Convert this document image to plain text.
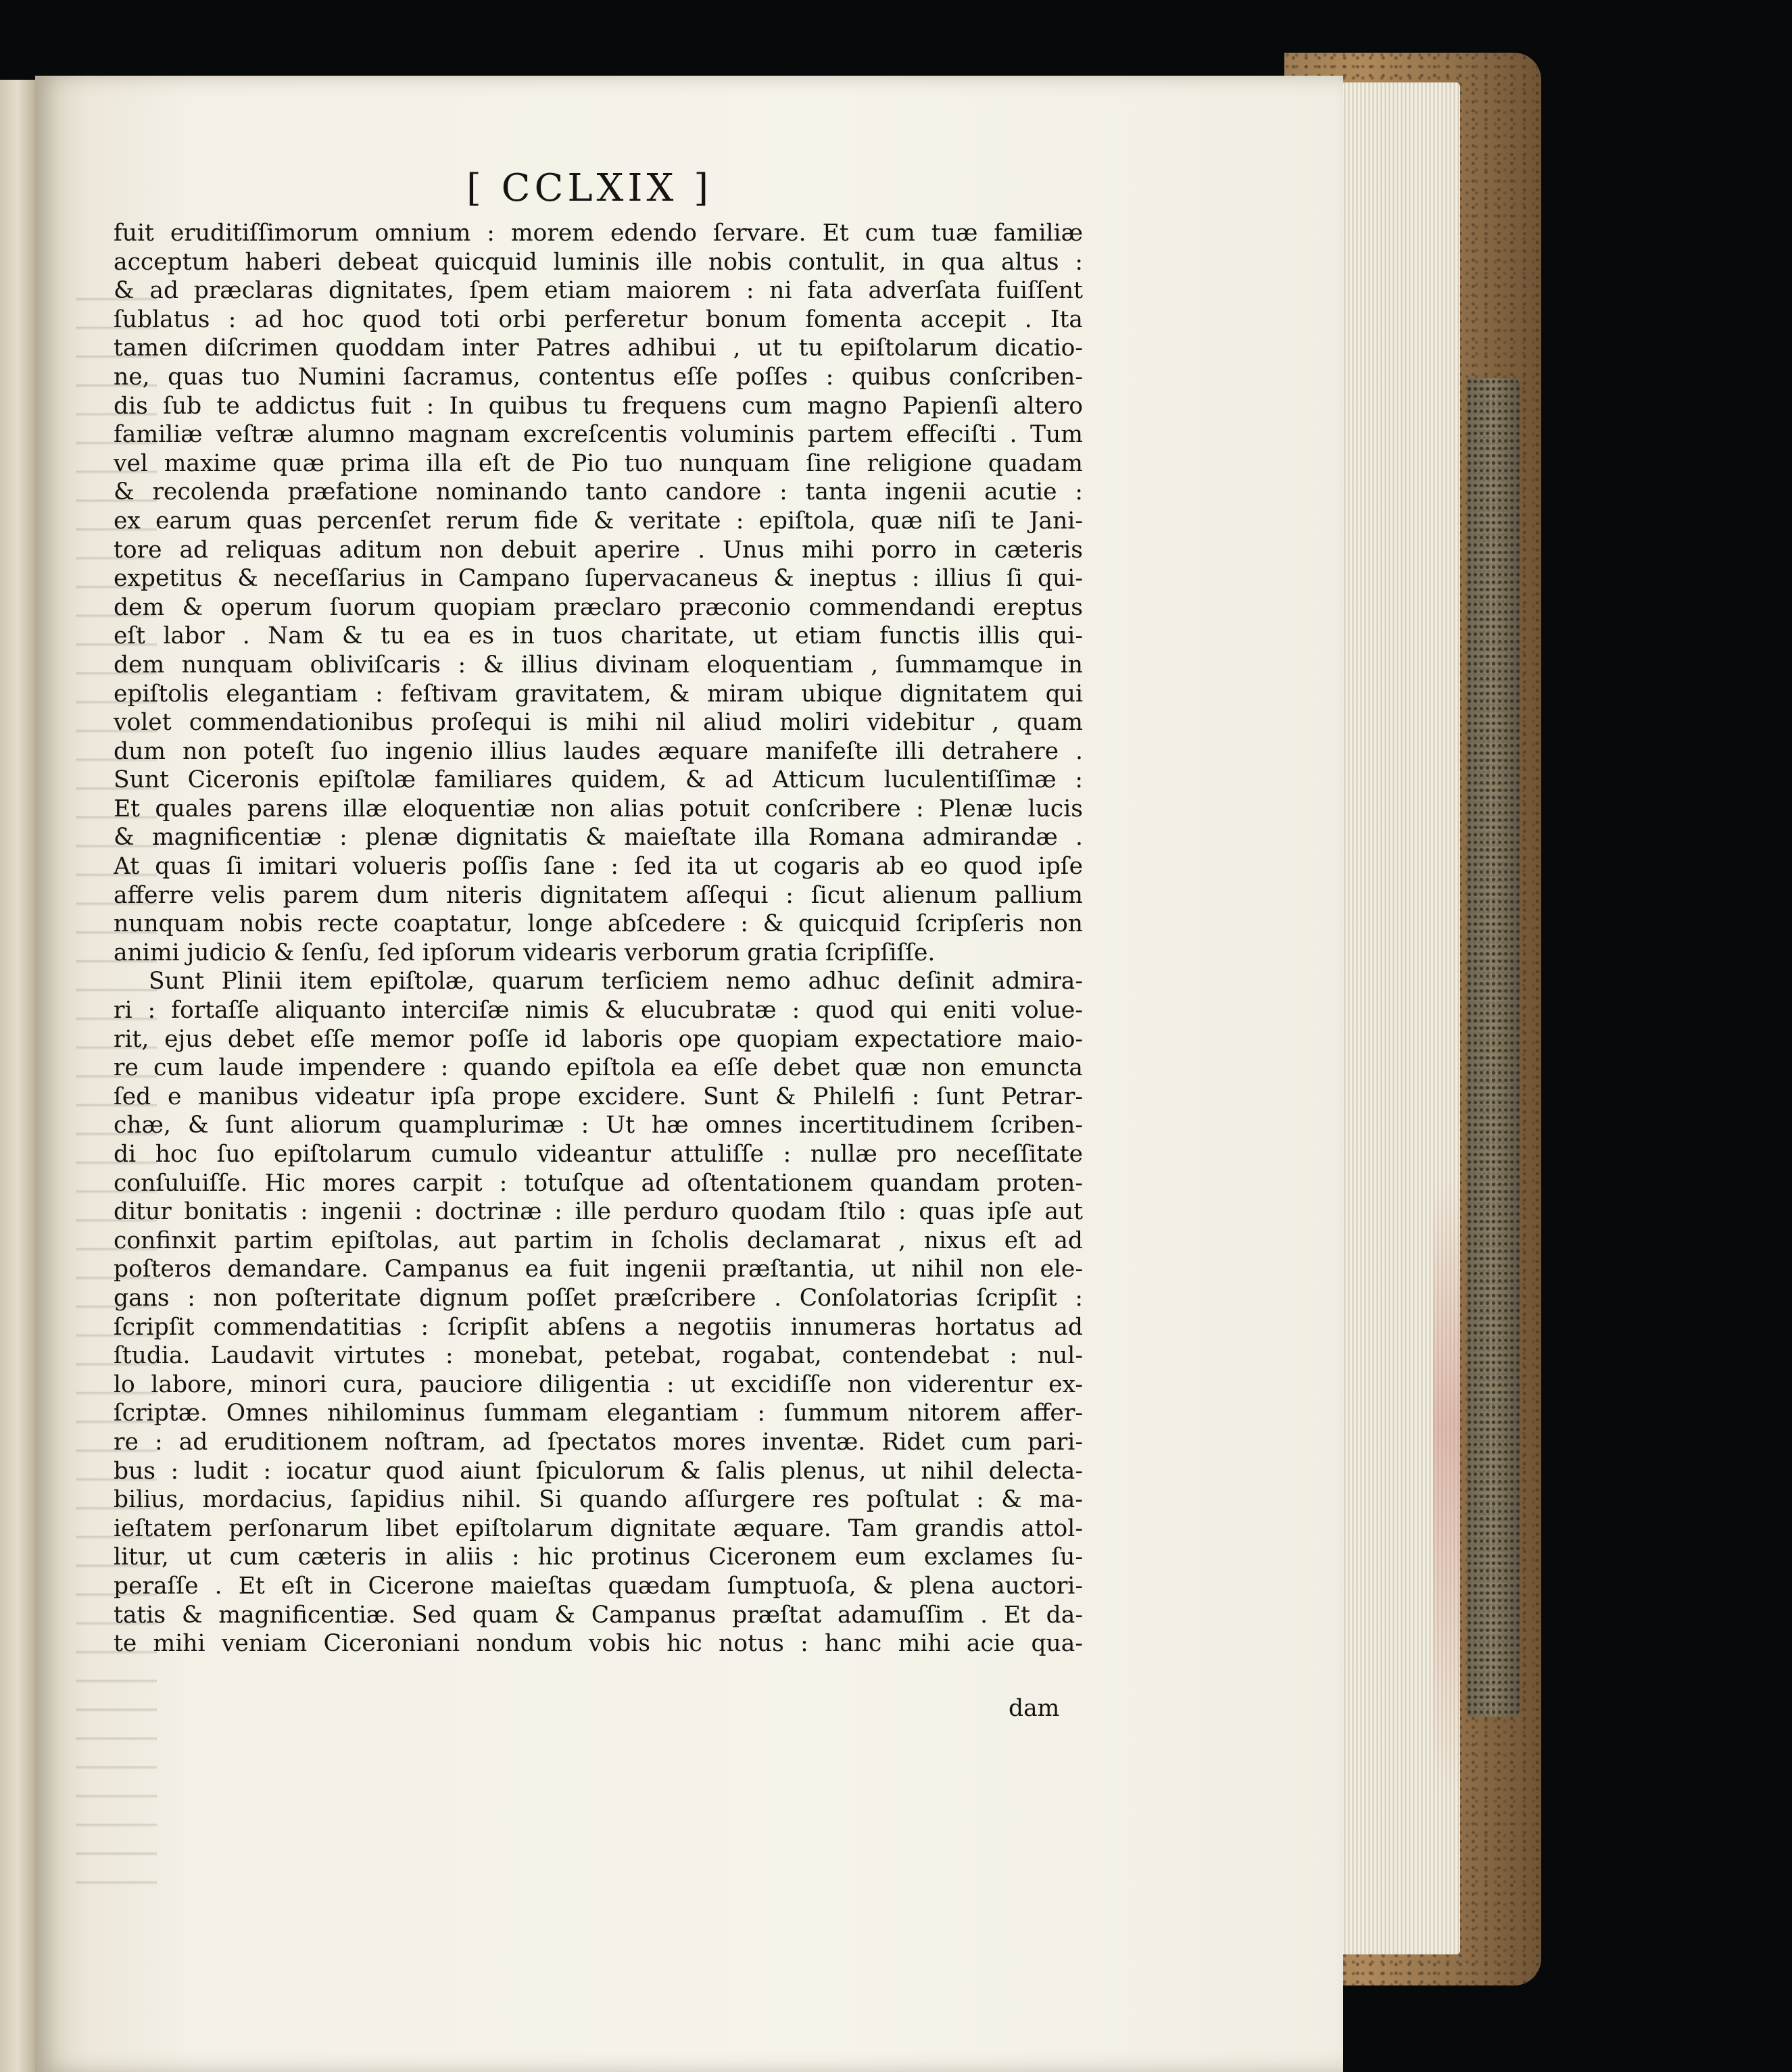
[ CCLXIX ]
fuit eruditiſſimorum omnium : morem edendo ſervare. Et cum tuæ familiæ
acceptum haberi debeat quicquid luminis ille nobis contulit, in qua altus :
& ad præclaras dignitates, ſpem etiam maiorem : ni fata adverſata fuiſſent
ſublatus : ad hoc quod toti orbi perferetur bonum fomenta accepit . Ita
tamen diſcrimen quoddam inter Patres adhibui , ut tu epiſtolarum dicatio-
ne, quas tuo Numini ſacramus, contentus eſſe poſſes : quibus conſcriben-
dis ſub te addictus fuit : In quibus tu frequens cum magno Papienſi altero
familiæ veſtræ alumno magnam excreſcentis voluminis partem effeciſti . Tum
vel maxime quæ prima illa eſt de Pio tuo nunquam ſine religione quadam
& recolenda præfatione nominando tanto candore : tanta ingenii acutie :
ex earum quas percenſet rerum fide & veritate : epiſtola, quæ niſi te Jani-
tore ad reliquas aditum non debuit aperire . Unus mihi porro in cæteris
expetitus & neceſſarius in Campano ſupervacaneus & ineptus : illius ſi qui-
dem & operum ſuorum quopiam præclaro præconio commendandi ereptus
eſt labor . Nam & tu ea es in tuos charitate, ut etiam functis illis qui-
dem nunquam obliviſcaris : & illius divinam eloquentiam , ſummamque in
epiſtolis elegantiam : feſtivam gravitatem, & miram ubique dignitatem qui
volet commendationibus proſequi is mihi nil aliud moliri videbitur , quam
dum non poteſt ſuo ingenio illius laudes æquare manifeſte illi detrahere .
Sunt Ciceronis epiſtolæ familiares quidem, & ad Atticum luculentiſſimæ :
Et quales parens illæ eloquentiæ non alias potuit conſcribere : Plenæ lucis
& magnificentiæ : plenæ dignitatis & maieſtate illa Romana admirandæ .
At quas ſi imitari volueris poſſis ſane : ſed ita ut cogaris ab eo quod ipſe
afferre velis parem dum niteris dignitatem aſſequi : ſicut alienum pallium
nunquam nobis recte coaptatur, longe abſcedere : & quicquid ſcripſeris non
animi judicio & ſenſu, ſed ipſorum videaris verborum gratia ſcripſiſſe.
Sunt Plinii item epiſtolæ, quarum terſiciem nemo adhuc deſinit admira-
ri : fortaſſe aliquanto interciſæ nimis & elucubratæ : quod qui eniti volue-
rit, ejus debet eſſe memor poſſe id laboris ope quopiam expectatiore maio-
re cum laude impendere : quando epiſtola ea eſſe debet quæ non emuncta
ſed e manibus videatur ipſa prope excidere. Sunt & Philelfi : ſunt Petrar-
chæ, & ſunt aliorum quamplurimæ : Ut hæ omnes incertitudinem ſcriben-
di hoc ſuo epiſtolarum cumulo videantur attuliſſe : nullæ pro neceſſitate
conſuluiſſe. Hic mores carpit : totuſque ad oſtentationem quandam proten-
ditur bonitatis : ingenii : doctrinæ : ille perduro quodam ſtilo : quas ipſe aut
confinxit partim epiſtolas, aut partim in ſcholis declamarat , nixus eſt ad
poſteros demandare. Campanus ea fuit ingenii præſtantia, ut nihil non ele-
gans : non poſteritate dignum poſſet præſcribere . Conſolatorias ſcripſit :
ſcripſit commendatitias : ſcripſit abſens a negotiis innumeras hortatus ad
ſtudia. Laudavit virtutes : monebat, petebat, rogabat, contendebat : nul-
lo labore, minori cura, pauciore diligentia : ut excidiſſe non viderentur ex-
ſcriptæ. Omnes nihilominus ſummam elegantiam : ſummum nitorem affer-
re : ad eruditionem noſtram, ad ſpectatos mores inventæ. Ridet cum pari-
bus : ludit : iocatur quod aiunt ſpiculorum & ſalis plenus, ut nihil delecta-
bilius, mordacius, ſapidius nihil. Si quando aſſurgere res poſtulat : & ma-
ieſtatem perſonarum libet epiſtolarum dignitate æquare. Tam grandis attol-
litur, ut cum cæteris in aliis : hic protinus Ciceronem eum exclames ſu-
peraſſe . Et eſt in Cicerone maieſtas quædam ſumptuoſa, & plena auctori-
tatis & magnificentiæ. Sed quam & Campanus præſtat adamuſſim . Et da-
te mihi veniam Ciceroniani nondum vobis hic notus : hanc mihi acie qua-
dam
